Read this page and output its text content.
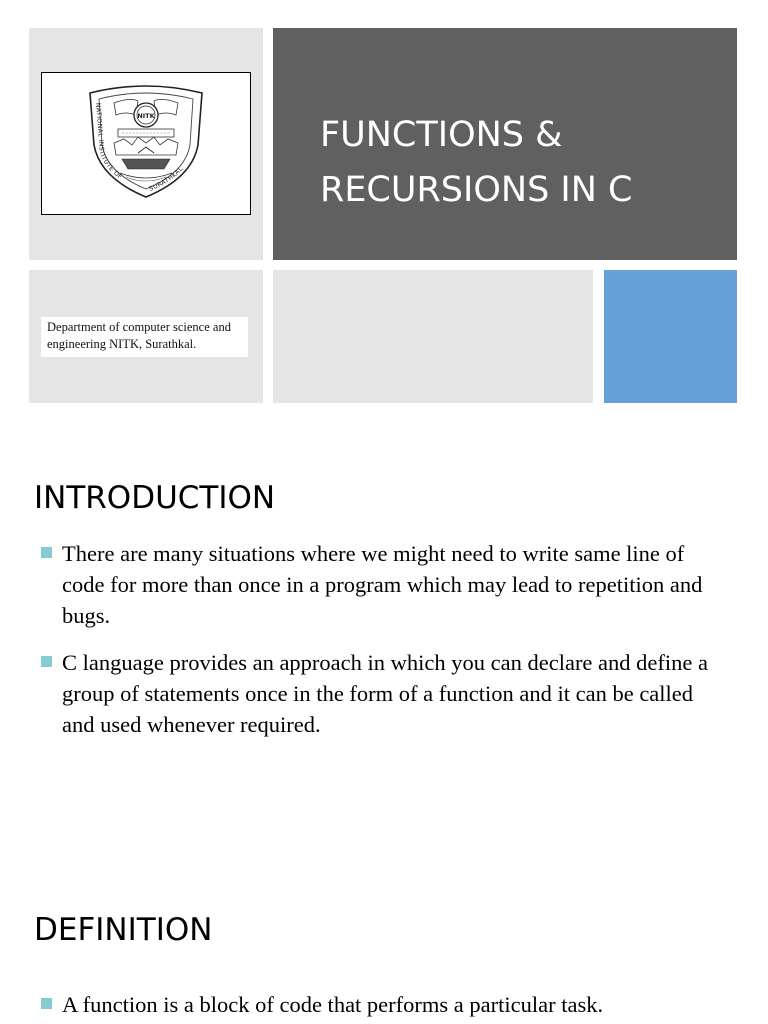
NATIONAL INSTITUTE OF
SURATHKAL
NITK	FUNCTIONS &
RECURSIONS IN C
Department of computer science and engineering NITK, Surathkal.
INTRODUCTION
There are many situations where we might need to write same line of code for more than once in a program which may lead to repetition and bugs.
C language provides an approach in which you can declare and define a group of statements once in the form of a function and it can be called and used whenever required.
DEFINITION
A function is a block of code that performs a particular task.
